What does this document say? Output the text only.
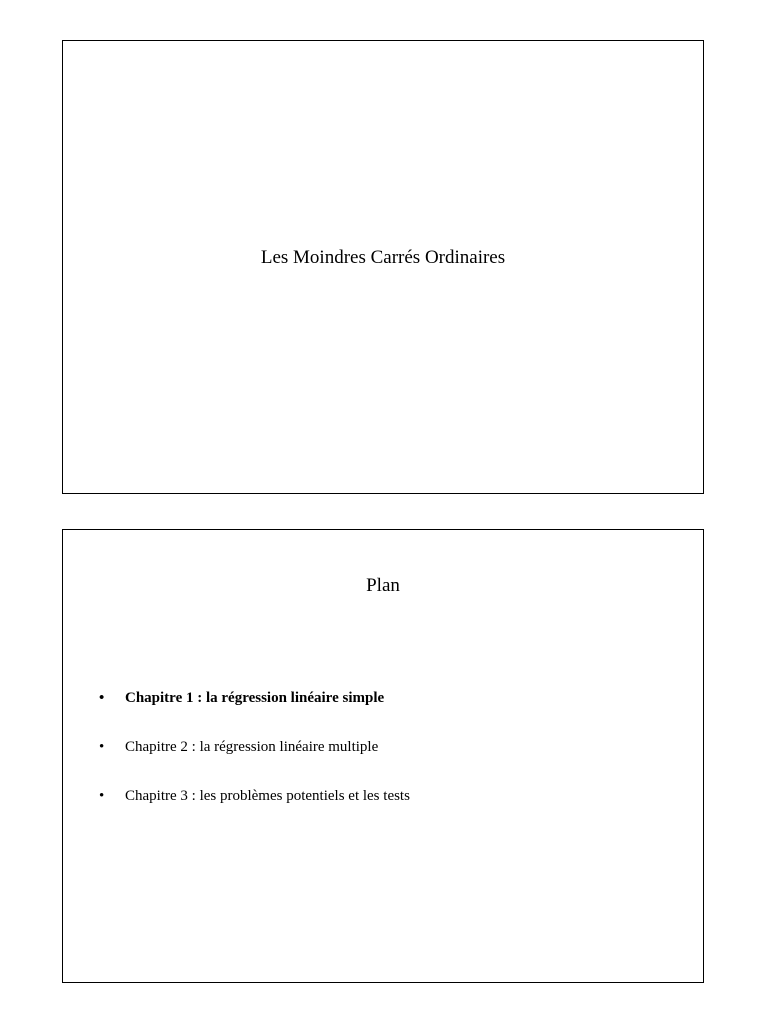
Les Moindres Carrés Ordinaires
Plan
• Chapitre 1 : la régression linéaire simple
• Chapitre 2 : la régression linéaire multiple
• Chapitre 3 : les problèmes potentiels et les tests
